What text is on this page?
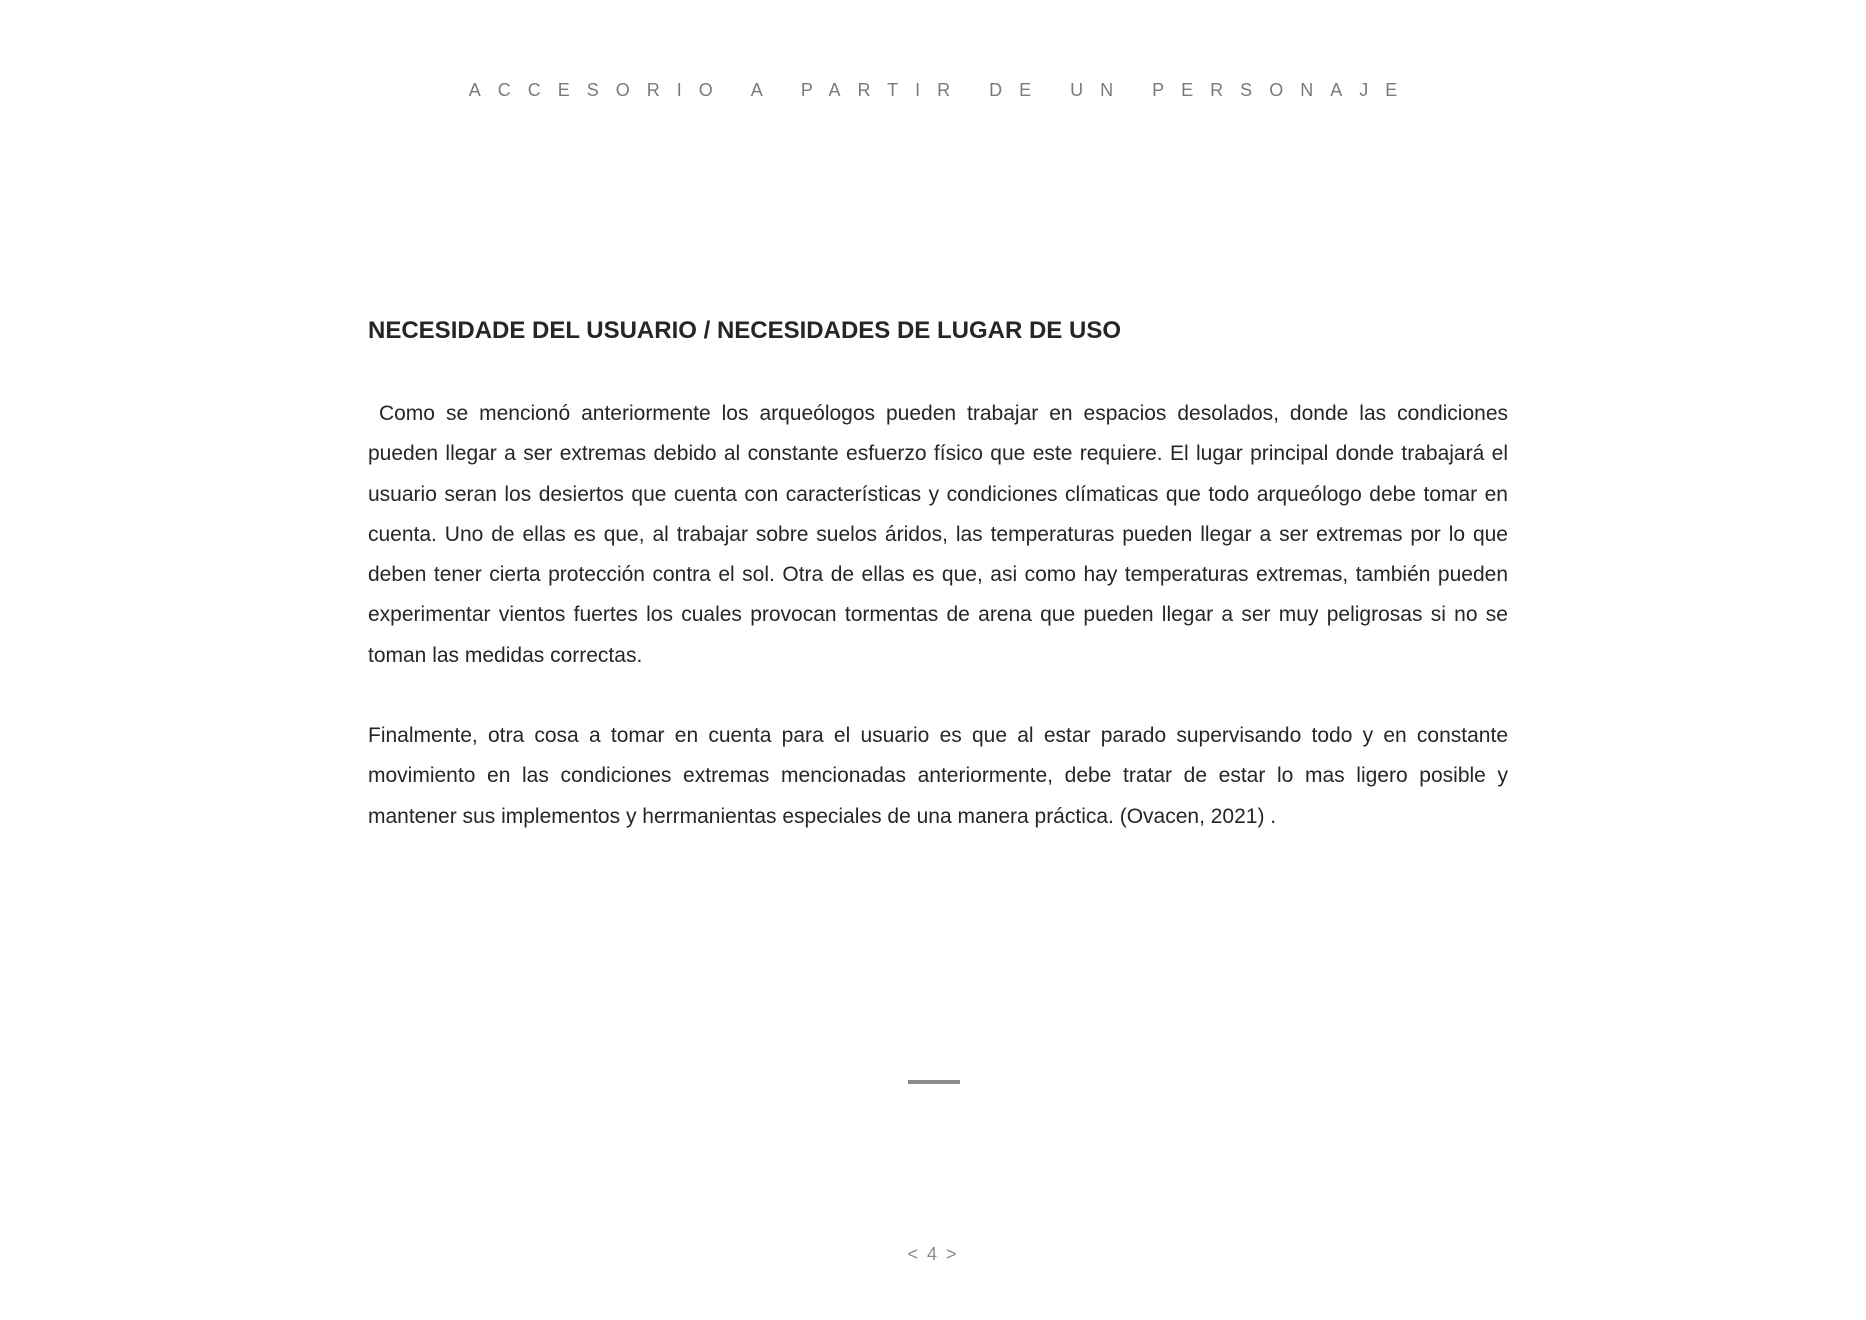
ACCESORIO A PARTIR DE UN PERSONAJE
NECESIDADE DEL USUARIO / NECESIDADES DE LUGAR DE USO

Como se mencionó anteriormente los arqueólogos pueden trabajar en espacios desolados, donde las condiciones pueden llegar a ser extremas debido al constante esfuerzo físico que este requiere. El lugar principal donde trabajará el usuario seran los desiertos que cuenta con características y condiciones clímaticas que todo arqueólogo debe tomar en cuenta. Uno de ellas es que, al trabajar sobre suelos áridos, las temperaturas pueden llegar a ser extremas por lo que deben tener cierta protección contra el sol. Otra de ellas es que, asi como hay temperaturas extremas, también pueden experimentar vientos fuertes los cuales provocan tormentas de arena que pueden llegar a ser muy peligrosas si no se toman las medidas correctas.

Finalmente, otra cosa a tomar en cuenta para el usuario es que al estar parado supervisando todo y en constante movimiento en las condiciones extremas mencionadas anteriormente, debe tratar de estar lo mas ligero posible y mantener sus implementos y herrmanientas especiales de una manera práctica. (Ovacen, 2021) .

< 4 >
